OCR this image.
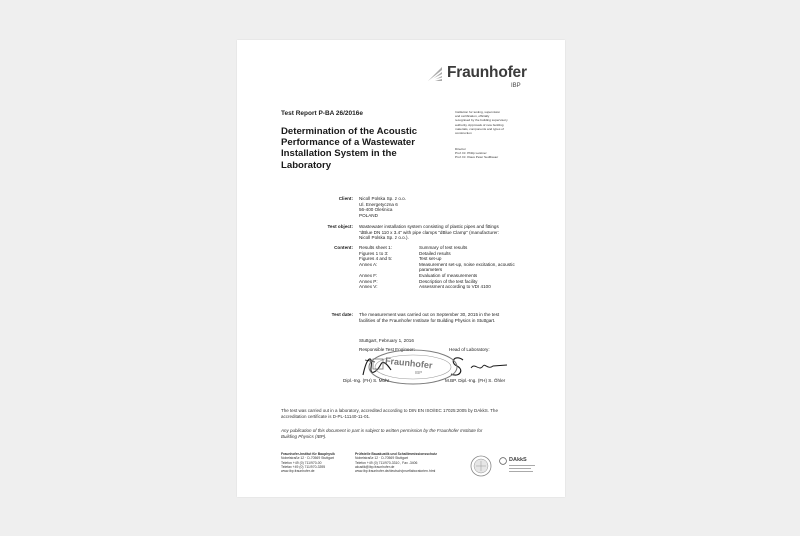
Fraunhofer
IBP
Institution for testing, supervision
and certification, officially
recognised by the building supervisory
authority. Approvals of new building
materials, components and types of
construction
Director
Prof. Dr. Philip Leistner
Prof. Dr. Klaus Peter Sedlbauer
Test Report P-BA 26/2016e
Determination of the Acoustic
Performance of a Wastewater
Installation System in the
Laboratory
Client: Nicoll Polska Sp. z o.o.
Ul. Energetyczna 6
56-400 Oleśnica
POLAND
Test object: Wastewater installation system consisting of plastic pipes and fittings
"dBlue DN 110 x 3.4" with pipe clamps "dBlue Clamp" (manufacturer:
Nicoll Polska Sp. z o.o.).
Content: Results sheet 1:
Figures 1 to 3:
Figures 4 and 5:
Annex A:

Annex F:
Annex P:
Annex V:
Summary of test results
Detailed results
Test set-up
Measurement set-up, noise excitation, acoustic
parameters
Evaluation of measurements
Description of the test facility
Assessment according to VDI 4100
Test date: The measurement was carried out on September 30, 2015 in the test
facilities of the Fraunhofer Institute for Building Physics in Stuttgart.
Stuttgart, February 1, 2016
Responsible Test Engineer:	Head of Laboratory:
Fraunhofer
IBP
Dipl.-Ing. (FH) S. Mohr	M.BP. Dipl.-Ing. (FH) S. Öhler
The test was carried out in a laboratory, accredited according to DIN EN ISO/IEC 17025:2005 by DAkkS. The
accreditation certificate is D-PL-11140-11-01.
Any publication of this document in part is subject to written permission by the Fraunhofer Institute for
Building Physics (IBP).
Fraunhofer-Institut für Bauphysik
Nobelstraße 12 · D-70569 Stuttgart
Telefon +49 (0) 711/970-00
Telefax +49 (0) 711/970-3395
www.ibp.fraunhofer.de
Prüfstelle Bauakustik und Schallimmissionsschutz
Nobelstraße 12 · D-70569 Stuttgart
Telefon +49 (0) 711/970-3310 , Fax -3406
akustik@ibp.fraunhofer.de
www.ibp.fraunhofer.de/deutsch/prueflaboratorien.html
DAkkS
